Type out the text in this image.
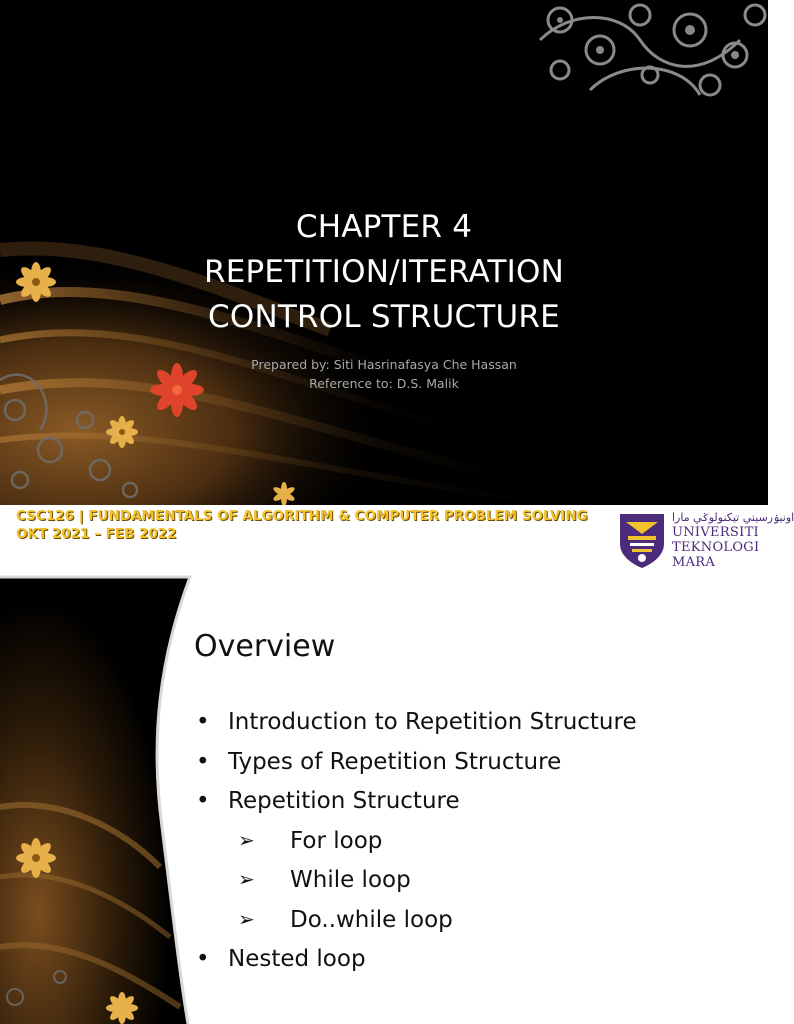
CHAPTER 4
REPETITION/ITERATION
CONTROL STRUCTURE
Prepared by: Siti Hasrinafasya Che Hassan
Reference to: D.S. Malik
CSC126 | FUNDAMENTALS OF ALGORITHM & COMPUTER PROBLEM SOLVING
OKT 2021 – FEB 2022
اونيۏرسيتي تيكنولوݢي مارا
UNIVERSITI
TEKNOLOGI
MARA
Overview
• Introduction to Repetition Structure
• Types of Repetition Structure
• Repetition Structure
➢	For loop
➢	While loop
➢	Do..while loop
• Nested loop
